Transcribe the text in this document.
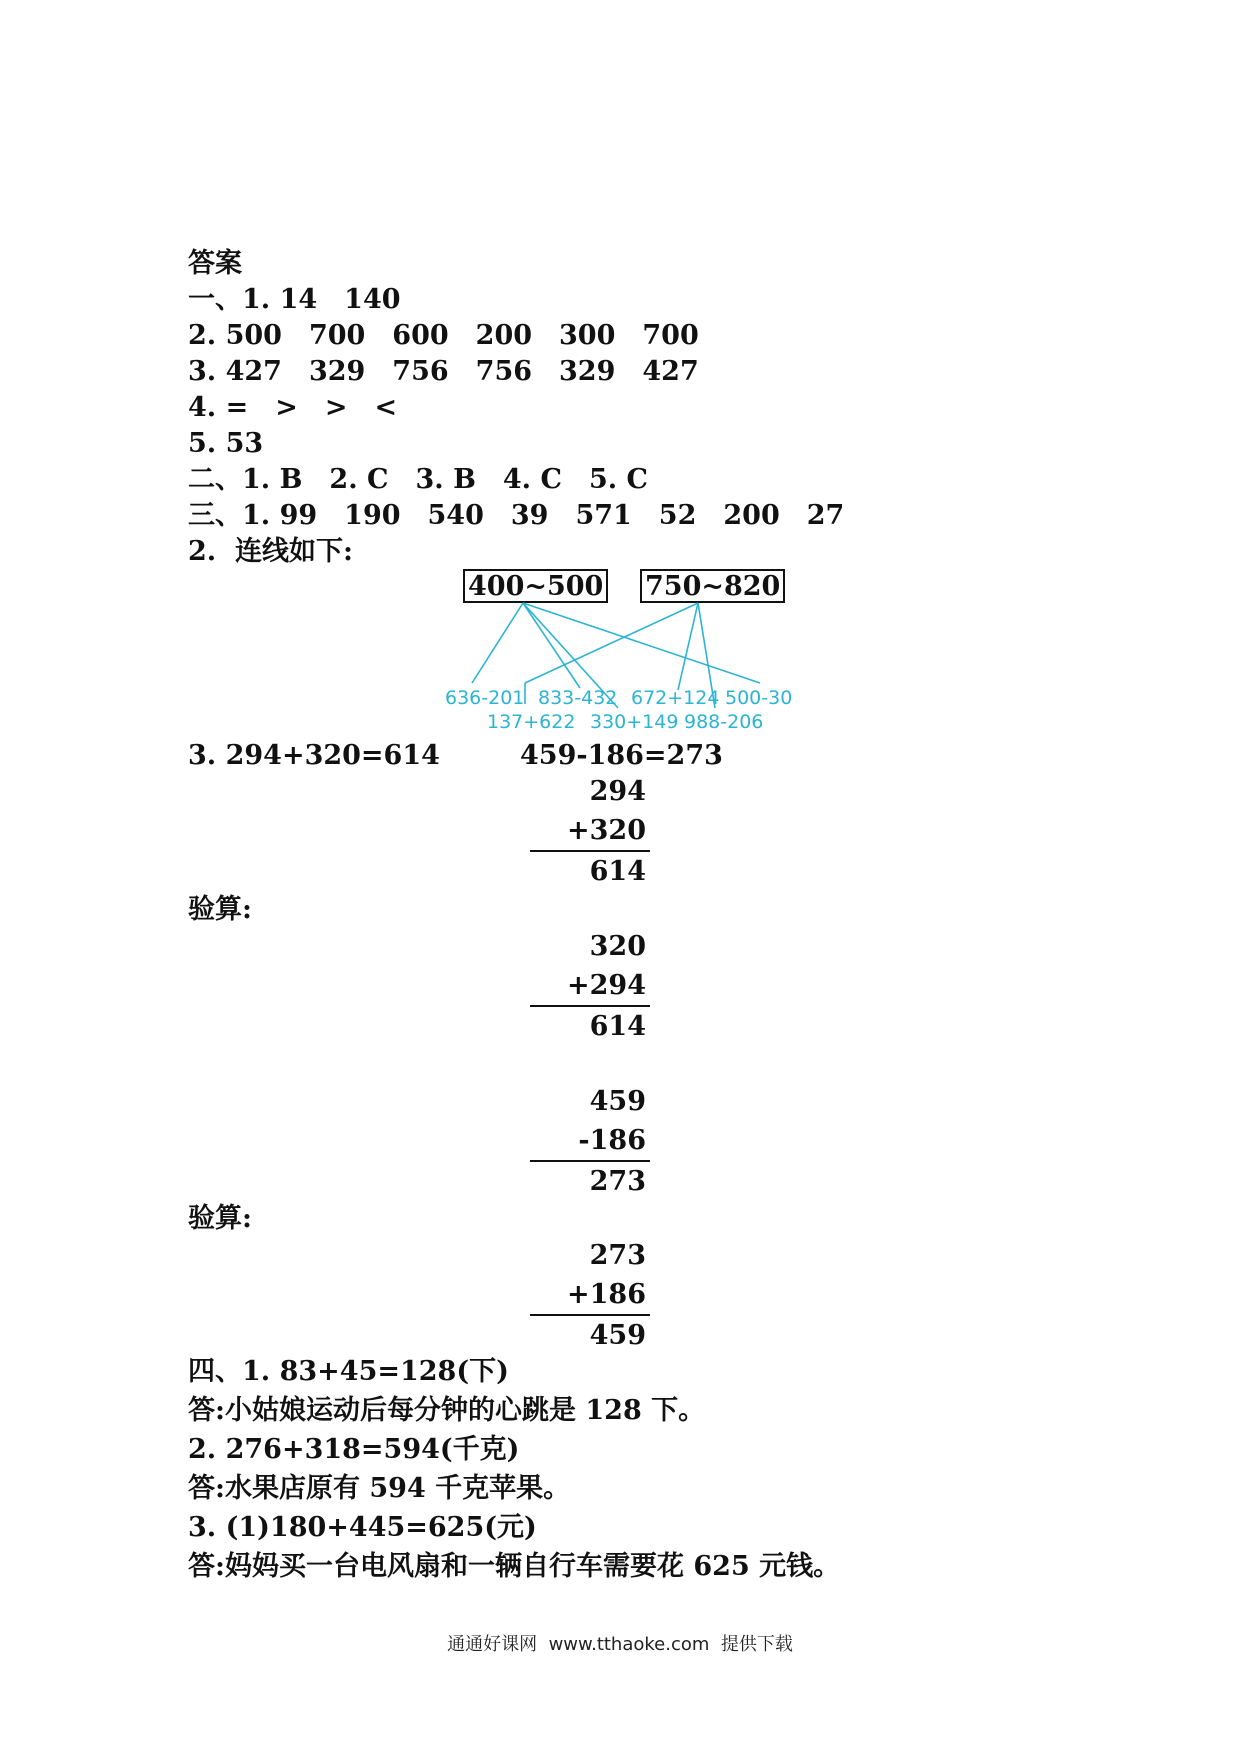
答案
一、1. 14　140
2. 500　700　600　200　300　700
3. 427　329　756　756　329　427
4. =　>　>　<
5. 53
二、1. B　2. C　3. B　4. C　5. C
三、1. 99　190　540　39　571　52　200　27
2.  连线如下:
400~500 750~820
636-201 833-432 672+124 500-30
137+622 330+149 988-206
3. 294+320=614	459-186=273
294
+320
614
验算:
320
+294
614
459
-186
273
验算:
273
+186
459
四、1. 83+45=128(下)
答:小姑娘运动后每分钟的心跳是 128 下。
2. 276+318=594(千克)
答:水果店原有 594 千克苹果。
3. (1)180+445=625(元)
答:妈妈买一台电风扇和一辆自行车需要花 625 元钱。
通通好课网  www.tthaoke.com  提供下载
